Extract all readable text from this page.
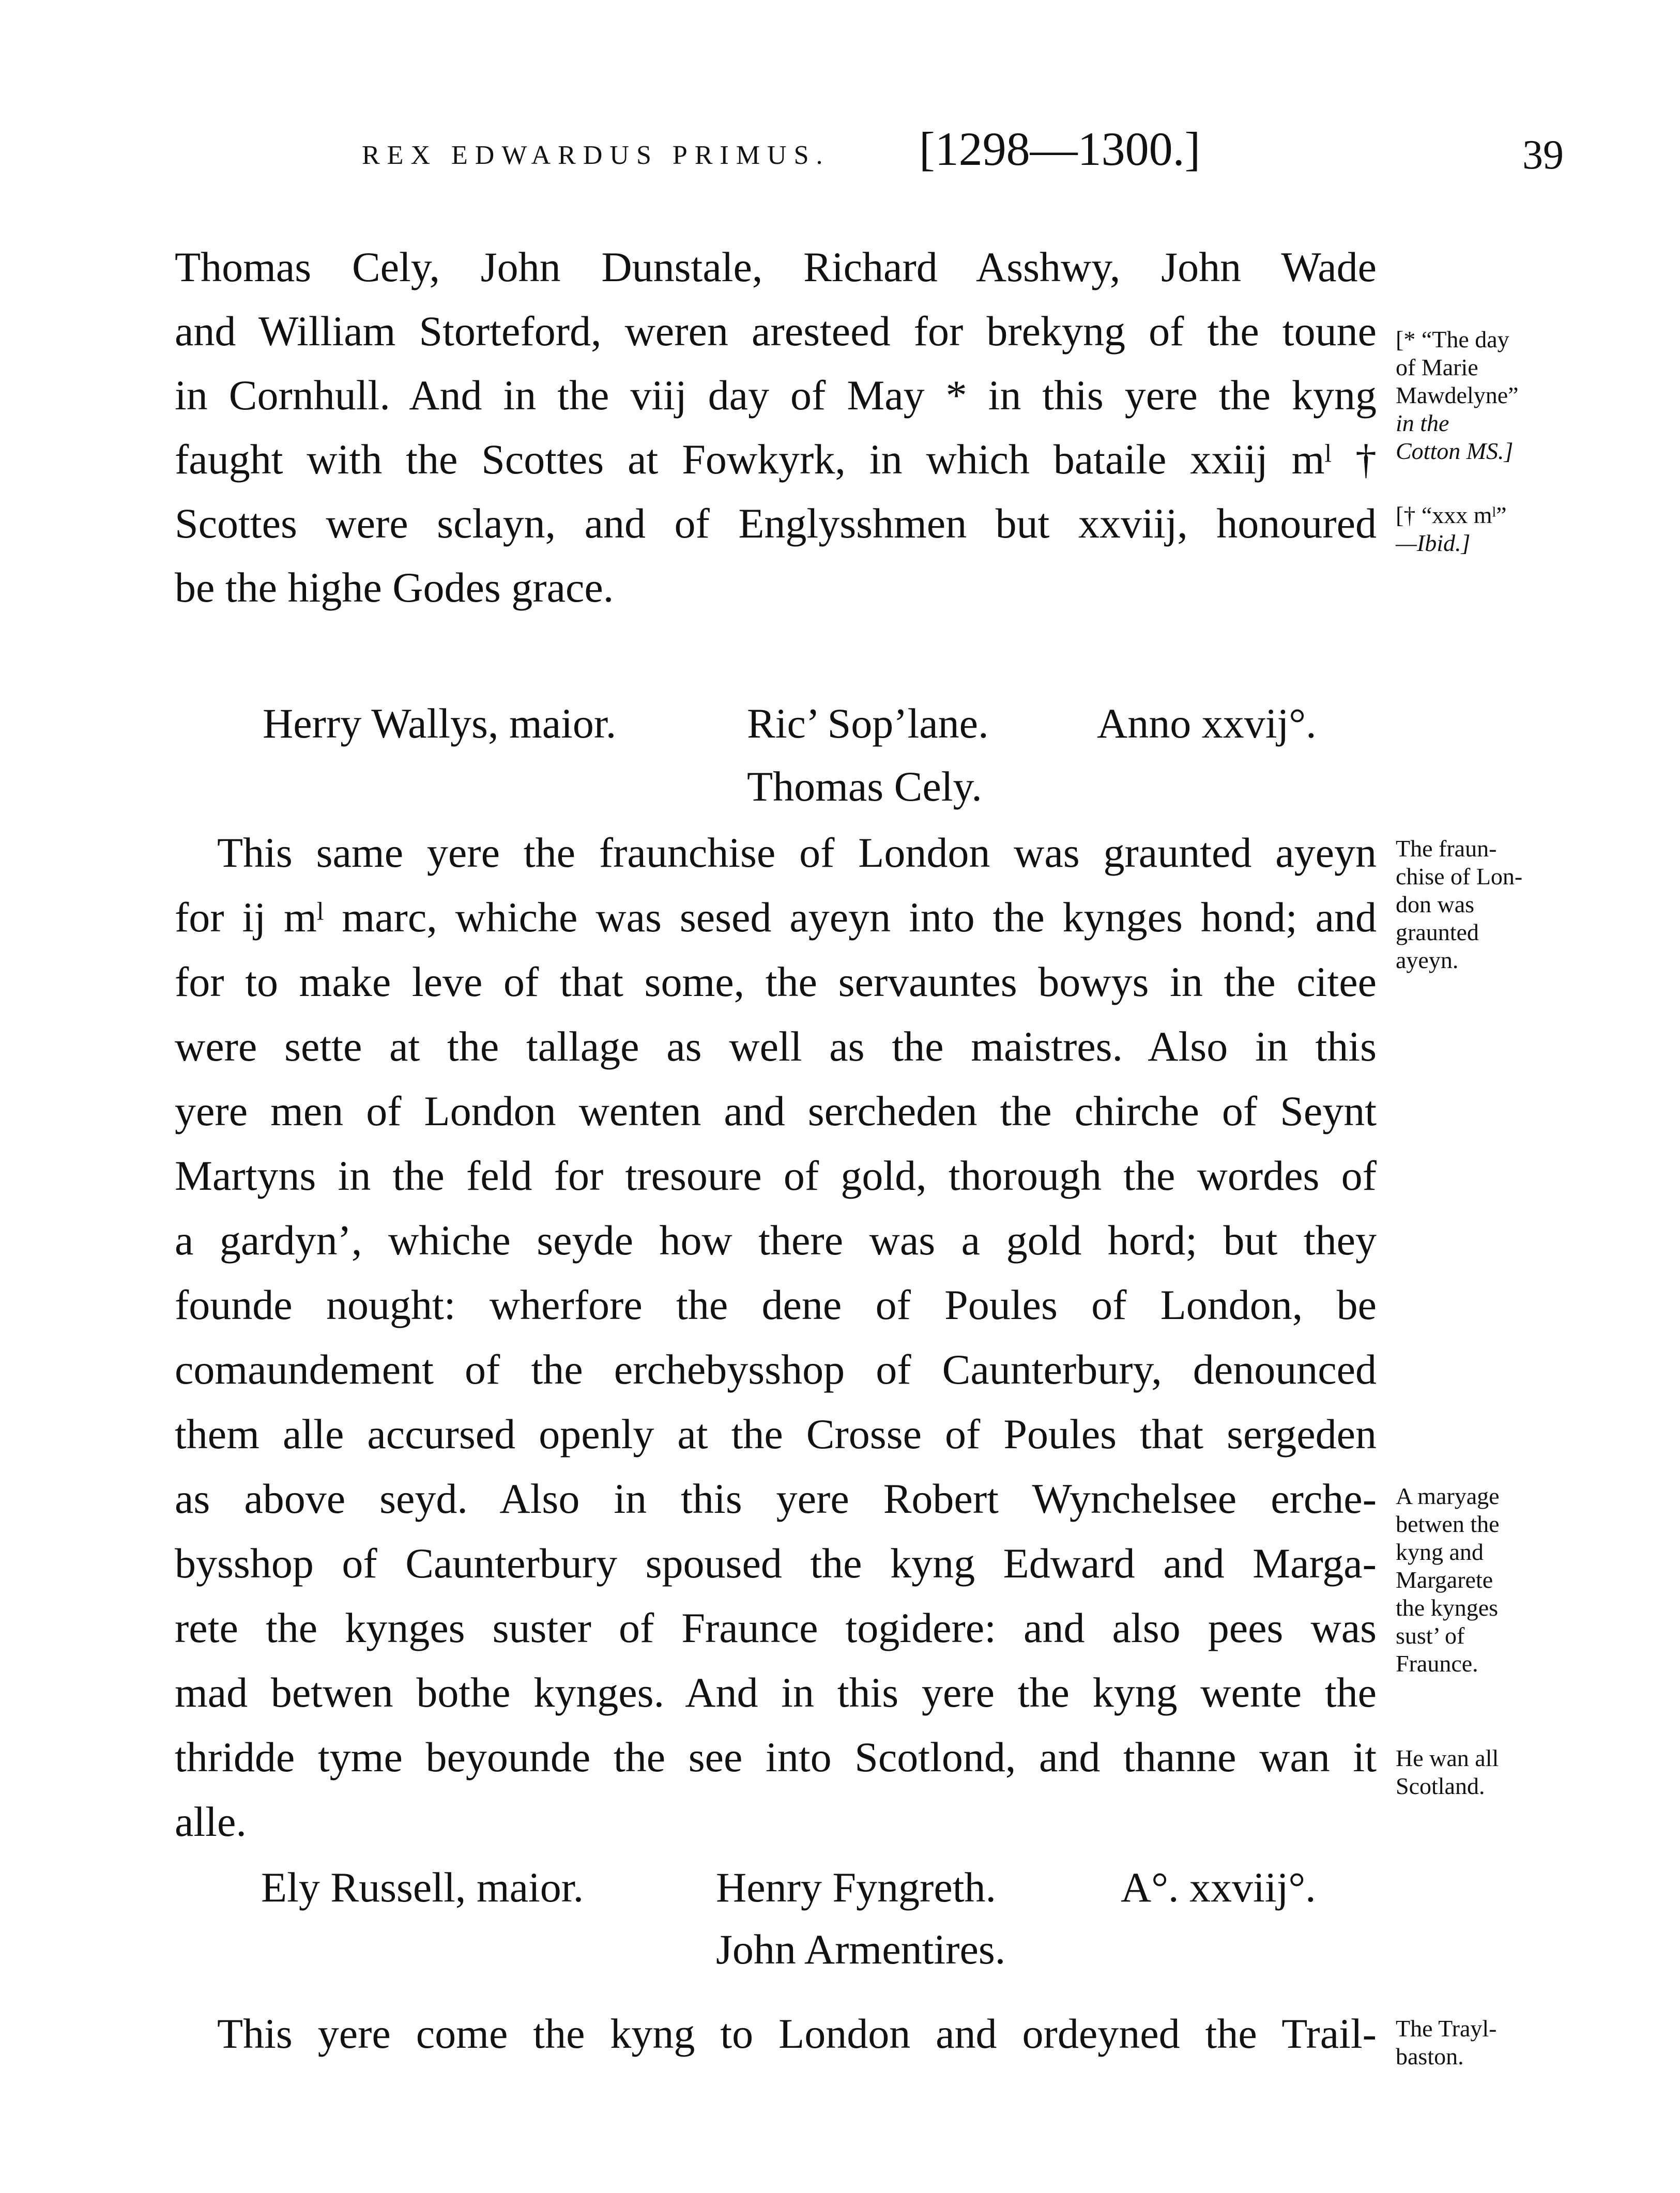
REX EDWARDUS PRIMUS. [1298—1300.]	39
Thomas Cely, John Dunstale, Richard Asshwy, John Wade
and William Storteford, weren aresteed for brekyng of the toune
in Cornhull. And in the viij day of May * in this yere the kyng
faught with the Scottes at Fowkyrk, in which bataile xxiij mˡ †
Scottes were sclayn, and of Englysshmen but xxviij, honoured
be the highe Godes grace.
Herry Wallys, maior.	Ric’ Sop’lane.	Anno xxvij°.
Thomas Cely.
This same yere the fraunchise of London was graunted ayeyn
for ij mˡ marc, whiche was sesed ayeyn into the kynges hond; and
for to make leve of that some, the servauntes bowys in the citee
were sette at the tallage as well as the maistres. Also in this
yere men of London wenten and sercheden the chirche of Seynt
Martyns in the feld for tresoure of gold, thorough the wordes of
a gardyn’, whiche seyde how there was a gold hord; but they
founde nought: wherfore the dene of Poules of London, be
comaundement of the erchebysshop of Caunterbury, denounced
them alle accursed openly at the Crosse of Poules that sergeden
as above seyd. Also in this yere Robert Wynchelsee erche-
bysshop of Caunterbury spoused the kyng Edward and Marga-
rete the kynges suster of Fraunce togidere: and also pees was
mad betwen bothe kynges. And in this yere the kyng wente the
thridde tyme beyounde the see into Scotlond, and thanne wan it
alle.
Ely Russell, maior.	Henry Fyngreth.	A°. xxviij°.
John Armentires.
This yere come the kyng to London and ordeyned the Trail-
[* “The day
of Marie
Mawdelyne”
in the
Cotton MS.]
[† “xxx mˡ”
—Ibid.]
The fraun-
chise of Lon-
don was
graunted
ayeyn.
A maryage
betwen the
kyng and
Margarete
the kynges
sust’ of
Fraunce.
He wan all
Scotland.
The Trayl-
baston.
